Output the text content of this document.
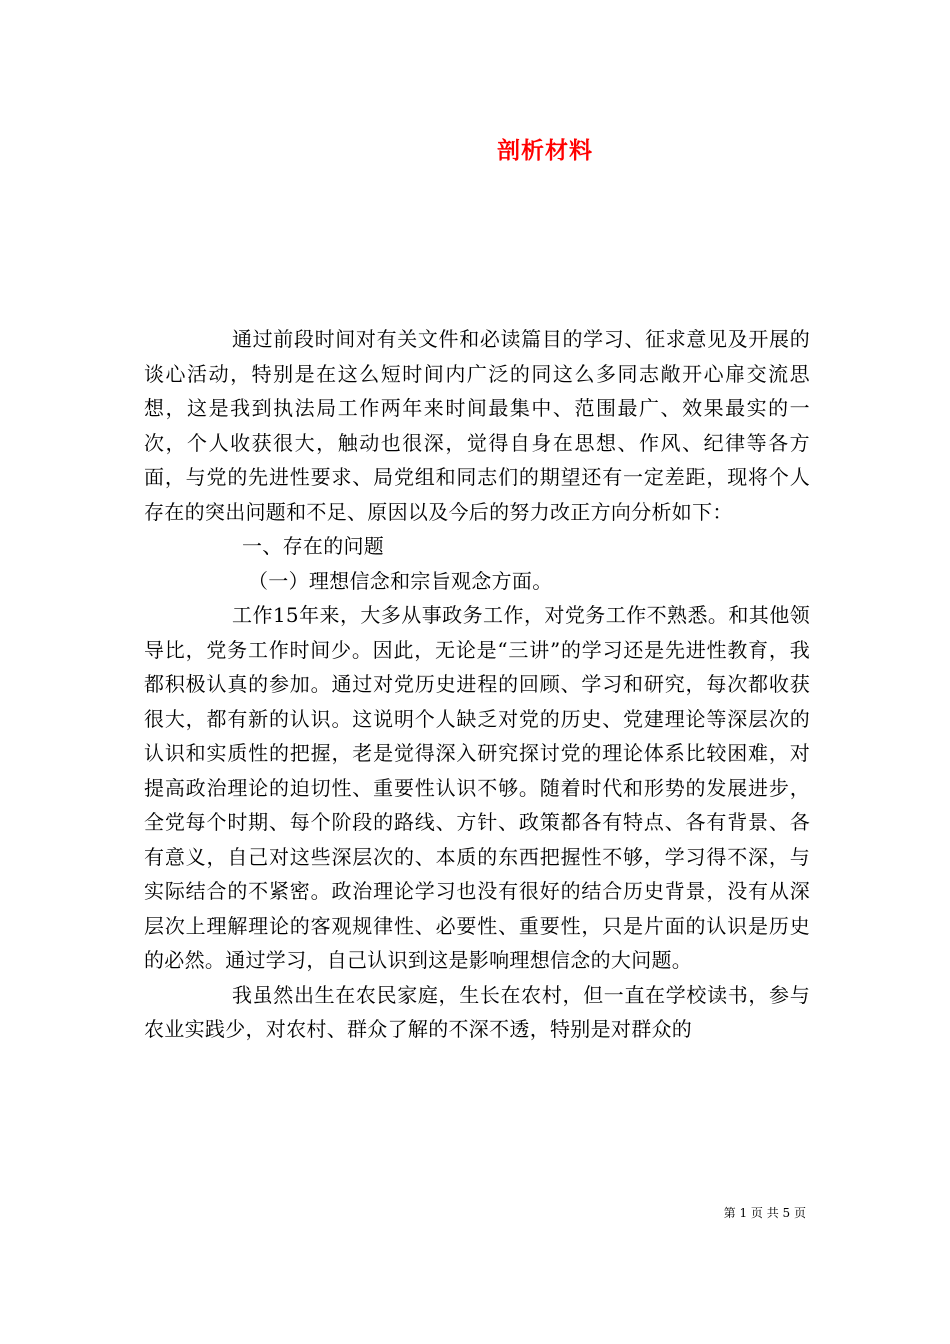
剖析材料

通过前段时间对有关文件和必读篇目的学习、征求意见及开展的谈心活动，特别是在这么短时间内广泛的同这么多同志敞开心扉交流思想，这是我到执法局工作两年来时间最集中、范围最广、效果最实的一次，个人收获很大，触动也很深，觉得自身在思想、作风、纪律等各方面，与党的先进性要求、局党组和同志们的期望还有一定差距，现将个人存在的突出问题和不足、原因以及今后的努力改正方向分析如下：

一、存在的问题

（一）理想信念和宗旨观念方面。

工作15年来，大多从事政务工作，对党务工作不熟悉。和其他领导比，党务工作时间少。因此，无论是“三讲”的学习还是先进性教育，我都积极认真的参加。通过对党历史进程的回顾、学习和研究，每次都收获很大，都有新的认识。这说明个人缺乏对党的历史、党建理论等深层次的认识和实质性的把握，老是觉得深入研究探讨党的理论体系比较困难，对提高政治理论的迫切性、重要性认识不够。随着时代和形势的发展进步，全党每个时期、每个阶段的路线、方针、政策都各有特点、各有背景、各有意义，自己对这些深层次的、本质的东西把握性不够，学习得不深，与实际结合的不紧密。政治理论学习也没有很好的结合历史背景，没有从深层次上理解理论的客观规律性、必要性、重要性，只是片面的认识是历史的必然。通过学习，自己认识到这是影响理想信念的大问题。

我虽然出生在农民家庭，生长在农村，但一直在学校读书，参与农业实践少，对农村、群众了解的不深不透，特别是对群众的

第 1 页 共 5 页
